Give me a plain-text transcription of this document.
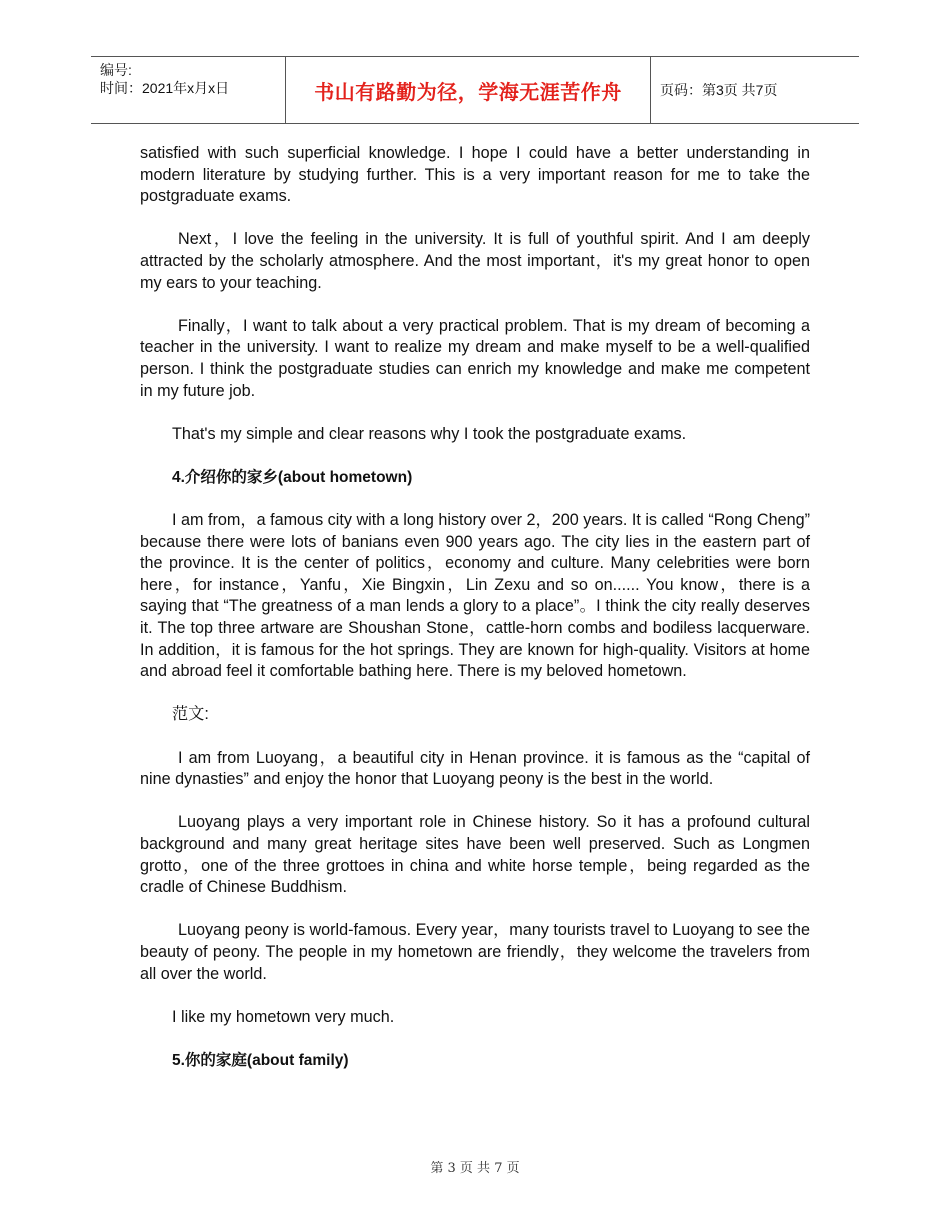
编号:
时间：2021年x月x日	书山有路勤为径，学海无涯苦作舟	页码：第3页 共7页

satisfied with such superficial knowledge. I hope I could have a better understanding in modern literature by studying further. This is a very important reason for me to take the postgraduate exams.

Next，I love the feeling in the university. It is full of youthful spirit. And I am deeply attracted by the scholarly atmosphere. And the most important，it's my great honor to open my ears to your teaching.

Finally，I want to talk about a very practical problem. That is my dream of becoming a teacher in the university. I want to realize my dream and make myself to be a well-qualified person. I think the postgraduate studies can enrich my knowledge and make me competent in my future job.

That's my simple and clear reasons why I took the postgraduate exams.

4.介绍你的家乡(about hometown)

I am from，a famous city with a long history over 2，200 years. It is called “Rong Cheng” because there were lots of banians even 900 years ago. The city lies in the eastern part of the province. It is the center of politics，economy and culture. Many celebrities were born here，for instance，Yanfu，Xie Bingxin，Lin Zexu and so on...... You know，there is a saying that “The greatness of a man lends a glory to a place”。I think the city really deserves it. The top three artware are Shoushan Stone，cattle-horn combs and bodiless lacquerware. In addition，it is famous for the hot springs. They are known for high-quality. Visitors at home and abroad feel it comfortable bathing here. There is my beloved hometown.

范文:

I am from Luoyang，a beautiful city in Henan province. it is famous as the “capital of nine dynasties” and enjoy the honor that Luoyang peony is the best in the world.

Luoyang plays a very important role in Chinese history. So it has a profound cultural background and many great heritage sites have been well preserved. Such as Longmen grotto，one of the three grottoes in china and white horse temple，being regarded as the cradle of Chinese Buddhism.

Luoyang peony is world-famous. Every year，many tourists travel to Luoyang to see the beauty of peony. The people in my hometown are friendly，they welcome the travelers from all over the world.

I like my hometown very much.

5.你的家庭(about family)

第 3 页 共 7 页
